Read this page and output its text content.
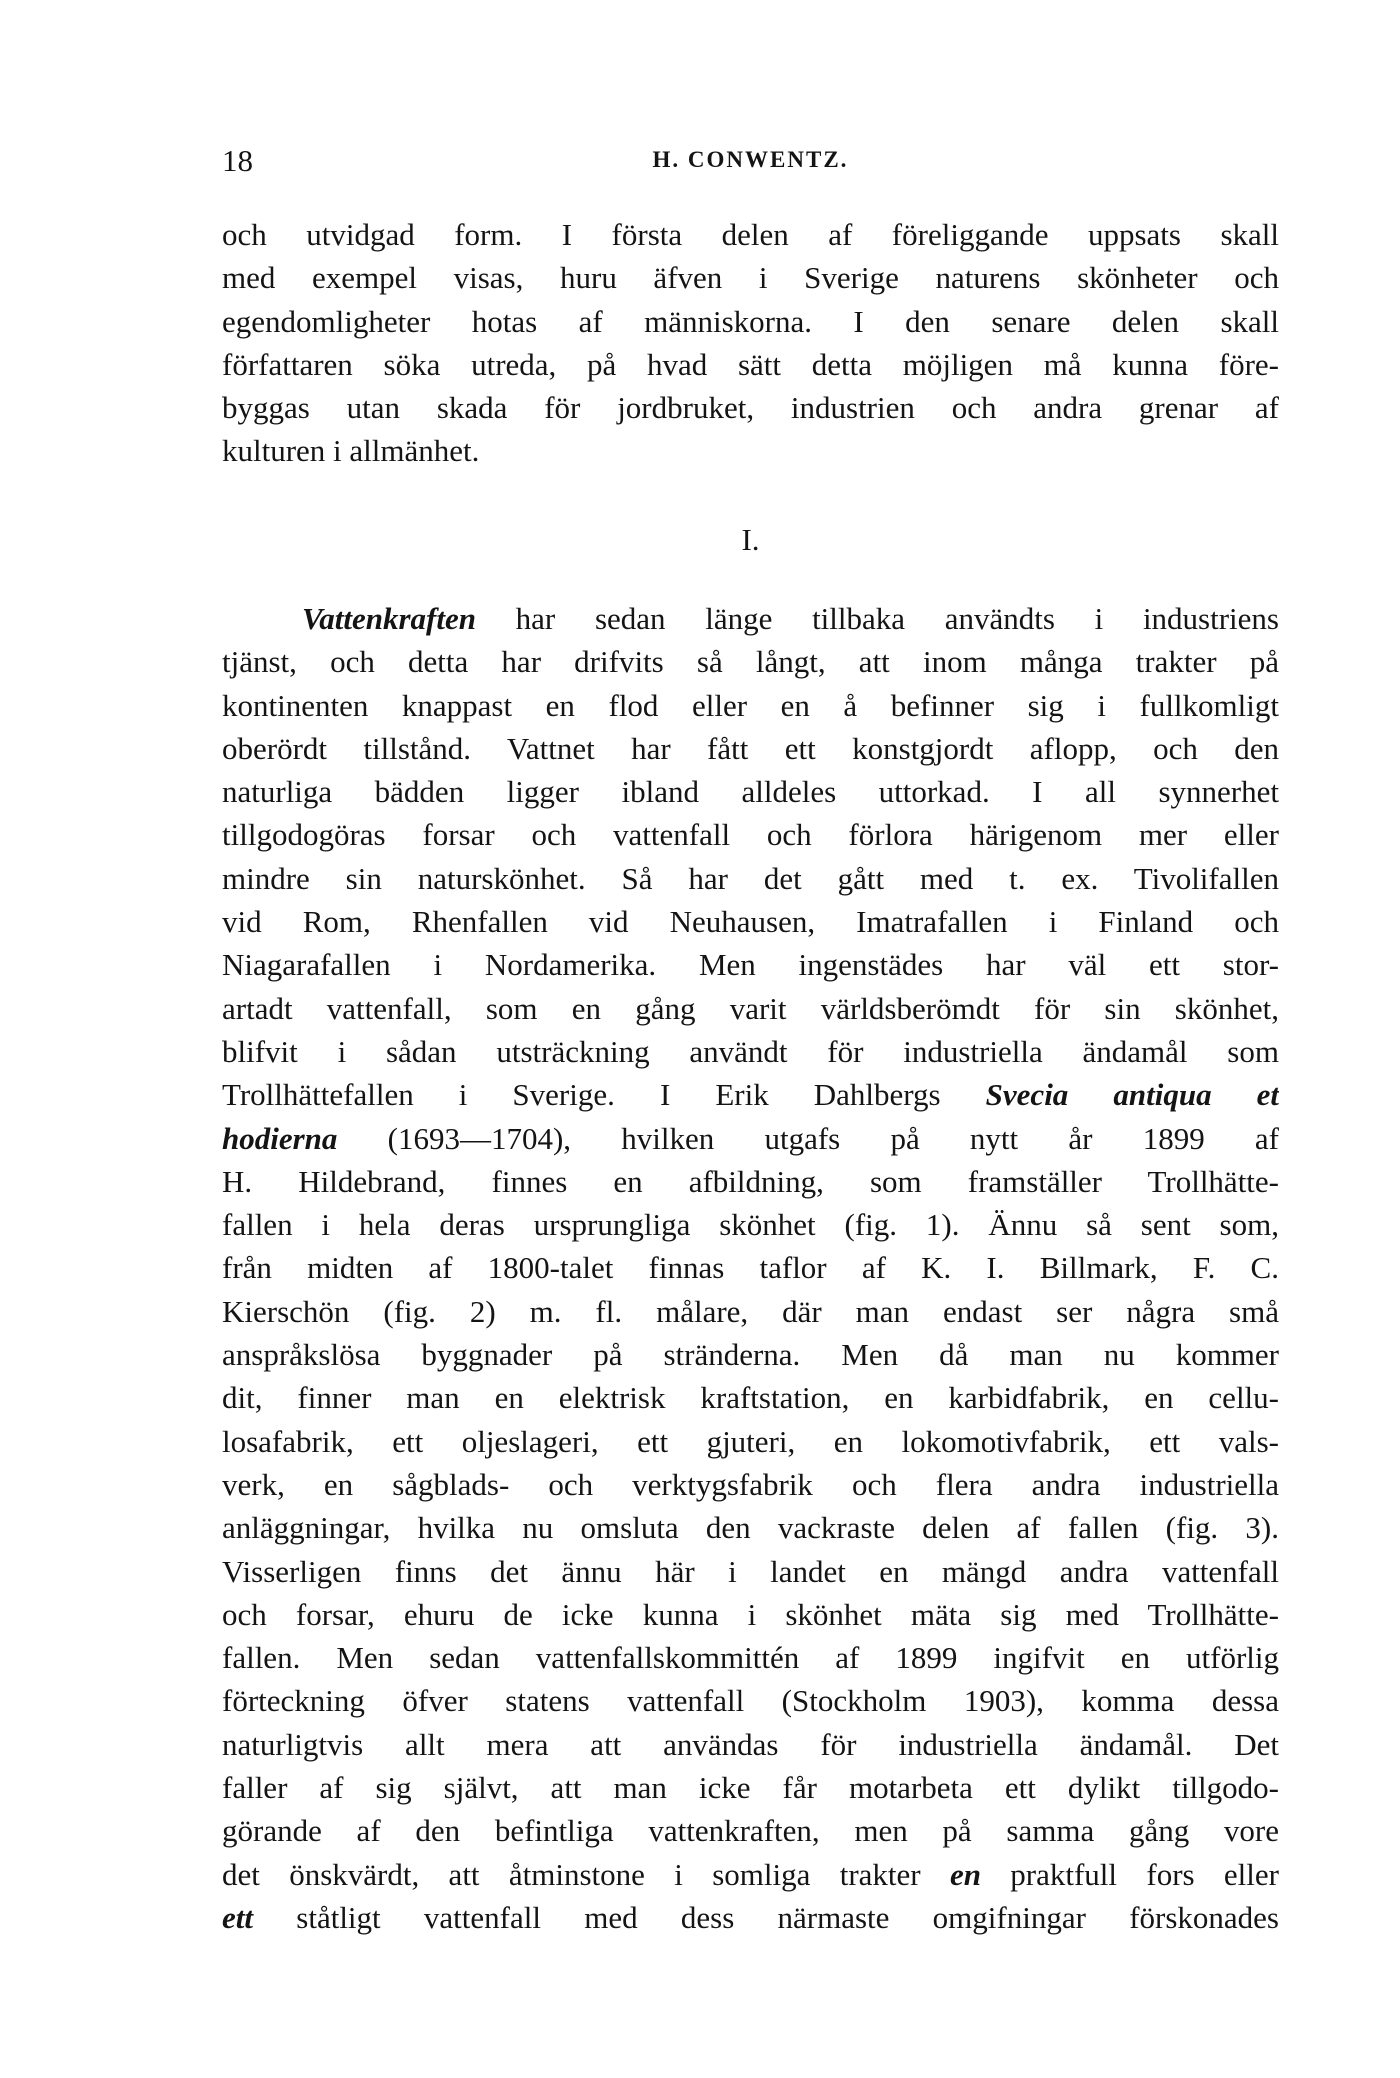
18	H. CONWENTZ.
och utvidgad form. I första delen af föreliggande uppsats skall
med exempel visas, huru äfven i Sverige naturens skönheter och
egendomligheter hotas af människorna. I den senare delen skall
författaren söka utreda, på hvad sätt detta möjligen må kunna före-
byggas utan skada för jordbruket, industrien och andra grenar af
kulturen i allmänhet.
I.
Vattenkraften har sedan länge tillbaka användts i industriens
tjänst, och detta har drifvits så långt, att inom många trakter på
kontinenten knappast en flod eller en å befinner sig i fullkomligt
oberördt tillstånd. Vattnet har fått ett konstgjordt aflopp, och den
naturliga bädden ligger ibland alldeles uttorkad. I all synnerhet
tillgodogöras forsar och vattenfall och förlora härigenom mer eller
mindre sin naturskönhet. Så har det gått med t. ex. Tivolifallen
vid Rom, Rhenfallen vid Neuhausen, Imatrafallen i Finland och
Niagarafallen i Nordamerika. Men ingenstädes har väl ett stor-
artadt vattenfall, som en gång varit världsberömdt för sin skönhet,
blifvit i sådan utsträckning användt för industriella ändamål som
Trollhättefallen i Sverige. I Erik Dahlbergs Svecia antiqua et
hodierna (1693—1704), hvilken utgafs på nytt år 1899 af
H. Hildebrand, finnes en afbildning, som framställer Trollhätte-
fallen i hela deras ursprungliga skönhet (fig. 1). Ännu så sent som,
från midten af 1800-talet finnas taflor af K. I. Billmark, F. C.
Kierschön (fig. 2) m. fl. målare, där man endast ser några små
anspråkslösa byggnader på stränderna. Men då man nu kommer
dit, finner man en elektrisk kraftstation, en karbidfabrik, en cellu-
losafabrik, ett oljeslageri, ett gjuteri, en lokomotivfabrik, ett vals-
verk, en sågblads- och verktygsfabrik och flera andra industriella
anläggningar, hvilka nu omsluta den vackraste delen af fallen (fig. 3).
Visserligen finns det ännu här i landet en mängd andra vattenfall
och forsar, ehuru de icke kunna i skönhet mäta sig med Trollhätte-
fallen. Men sedan vattenfallskommittén af 1899 ingifvit en utförlig
förteckning öfver statens vattenfall (Stockholm 1903), komma dessa
naturligtvis allt mera att användas för industriella ändamål. Det
faller af sig självt, att man icke får motarbeta ett dylikt tillgodo-
görande af den befintliga vattenkraften, men på samma gång vore
det önskvärdt, att åtminstone i somliga trakter en praktfull fors eller
ett ståtligt vattenfall med dess närmaste omgifningar förskonades
